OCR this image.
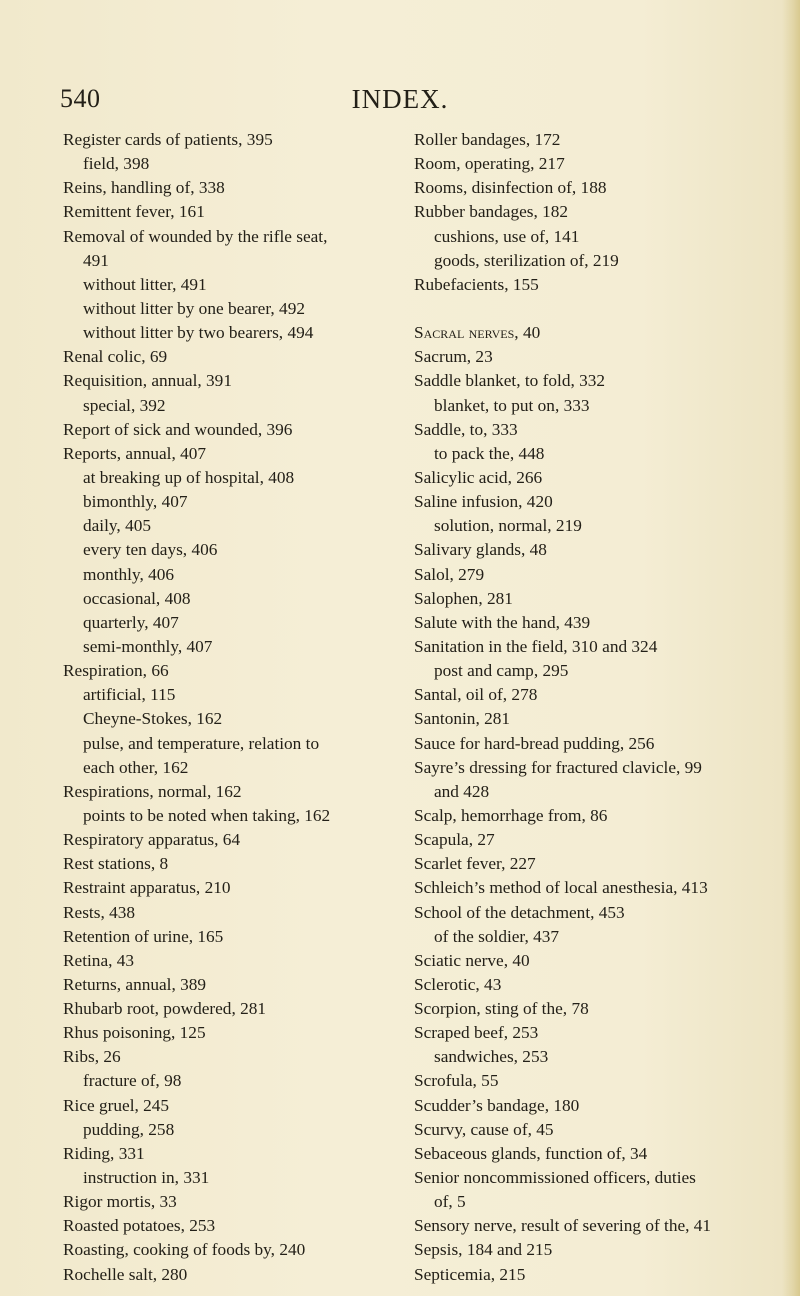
540	INDEX.
Register cards of patients, 395
field, 398
Reins, handling of, 338
Remittent fever, 161
Removal of wounded by the rifle seat,
491
without litter, 491
without litter by one bearer, 492
without litter by two bearers, 494
Renal colic, 69
Requisition, annual, 391
special, 392
Report of sick and wounded, 396
Reports, annual, 407
at breaking up of hospital, 408
bimonthly, 407
daily, 405
every ten days, 406
monthly, 406
occasional, 408
quarterly, 407
semi-monthly, 407
Respiration, 66
artificial, 115
Cheyne-Stokes, 162
pulse, and temperature, relation to
each other, 162
Respirations, normal, 162
points to be noted when taking, 162
Respiratory apparatus, 64
Rest stations, 8
Restraint apparatus, 210
Rests, 438
Retention of urine, 165
Retina, 43
Returns, annual, 389
Rhubarb root, powdered, 281
Rhus poisoning, 125
Ribs, 26
fracture of, 98
Rice gruel, 245
pudding, 258
Riding, 331
instruction in, 331
Rigor mortis, 33
Roasted potatoes, 253
Roasting, cooking of foods by, 240
Rochelle salt, 280
Roller bandages, 172
Room, operating, 217
Rooms, disinfection of, 188
Rubber bandages, 182
cushions, use of, 141
goods, sterilization of, 219
Rubefacients, 155
Sacral nerves, 40
Sacrum, 23
Saddle blanket, to fold, 332
blanket, to put on, 333
Saddle, to, 333
to pack the, 448
Salicylic acid, 266
Saline infusion, 420
solution, normal, 219
Salivary glands, 48
Salol, 279
Salophen, 281
Salute with the hand, 439
Sanitation in the field, 310 and 324
post and camp, 295
Santal, oil of, 278
Santonin, 281
Sauce for hard-bread pudding, 256
Sayre’s dressing for fractured clavicle, 99
and 428
Scalp, hemorrhage from, 86
Scapula, 27
Scarlet fever, 227
Schleich’s method of local anesthesia, 413
School of the detachment, 453
of the soldier, 437
Sciatic nerve, 40
Sclerotic, 43
Scorpion, sting of the, 78
Scraped beef, 253
sandwiches, 253
Scrofula, 55
Scudder’s bandage, 180
Scurvy, cause of, 45
Sebaceous glands, function of, 34
Senior noncommissioned officers, duties
of, 5
Sensory nerve, result of severing of the, 41
Sepsis, 184 and 215
Septicemia, 215
